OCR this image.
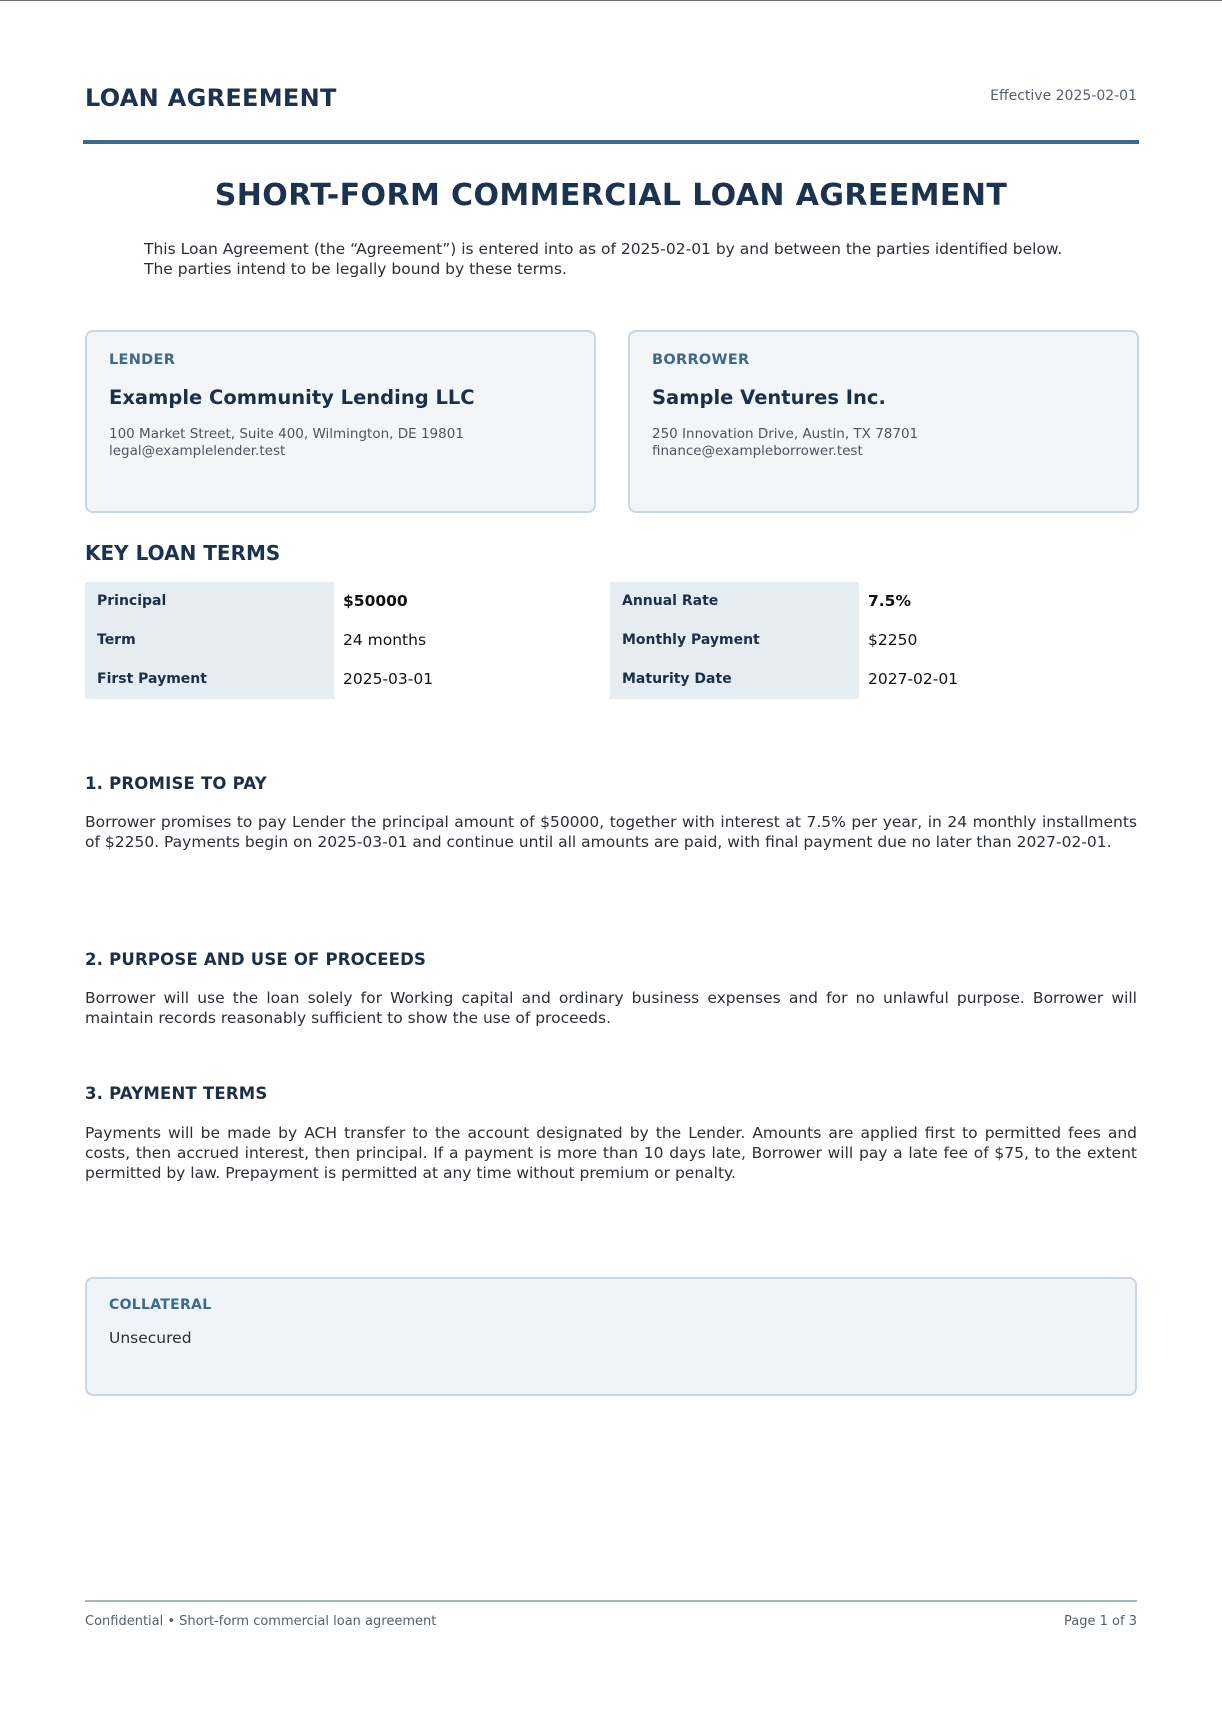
LOAN AGREEMENT	Effective 2025-02-01
SHORT-FORM COMMERCIAL LOAN AGREEMENT

This Loan Agreement (the “Agreement”) is entered into as of 2025-02-01 by and between the parties identified below. The parties intend to be legally bound by these terms.

LENDER
Example Community Lending LLC
100 Market Street, Suite 400, Wilmington, DE 19801
legal@examplelender.test
BORROWER
Sample Ventures Inc.
250 Innovation Drive, Austin, TX 78701
finance@exampleborrower.test
KEY LOAN TERMS
Principal	$50000
Term	24 months
First Payment	2025-03-01
Annual Rate	7.5%
Monthly Payment	$2250
Maturity Date	2027-02-01
1. PROMISE TO PAY

Borrower promises to pay Lender the principal amount of $50000, together with interest at 7.5% per year, in 24 monthly installments of $2250. Payments begin on 2025-03-01 and continue until all amounts are paid, with final payment due no later than 2027-02-01.

2. PURPOSE AND USE OF PROCEEDS

Borrower will use the loan solely for Working capital and ordinary business expenses and for no unlawful purpose. Borrower will maintain records reasonably sufficient to show the use of proceeds.

3. PAYMENT TERMS

Payments will be made by ACH transfer to the account designated by the Lender. Amounts are applied first to permitted fees and costs, then accrued interest, then principal. If a payment is more than 10 days late, Borrower will pay a late fee of $75, to the extent permitted by law. Prepayment is permitted at any time without premium or penalty.

COLLATERAL
Unsecured
Confidential • Short-form commercial loan agreement	Page 1 of 3
